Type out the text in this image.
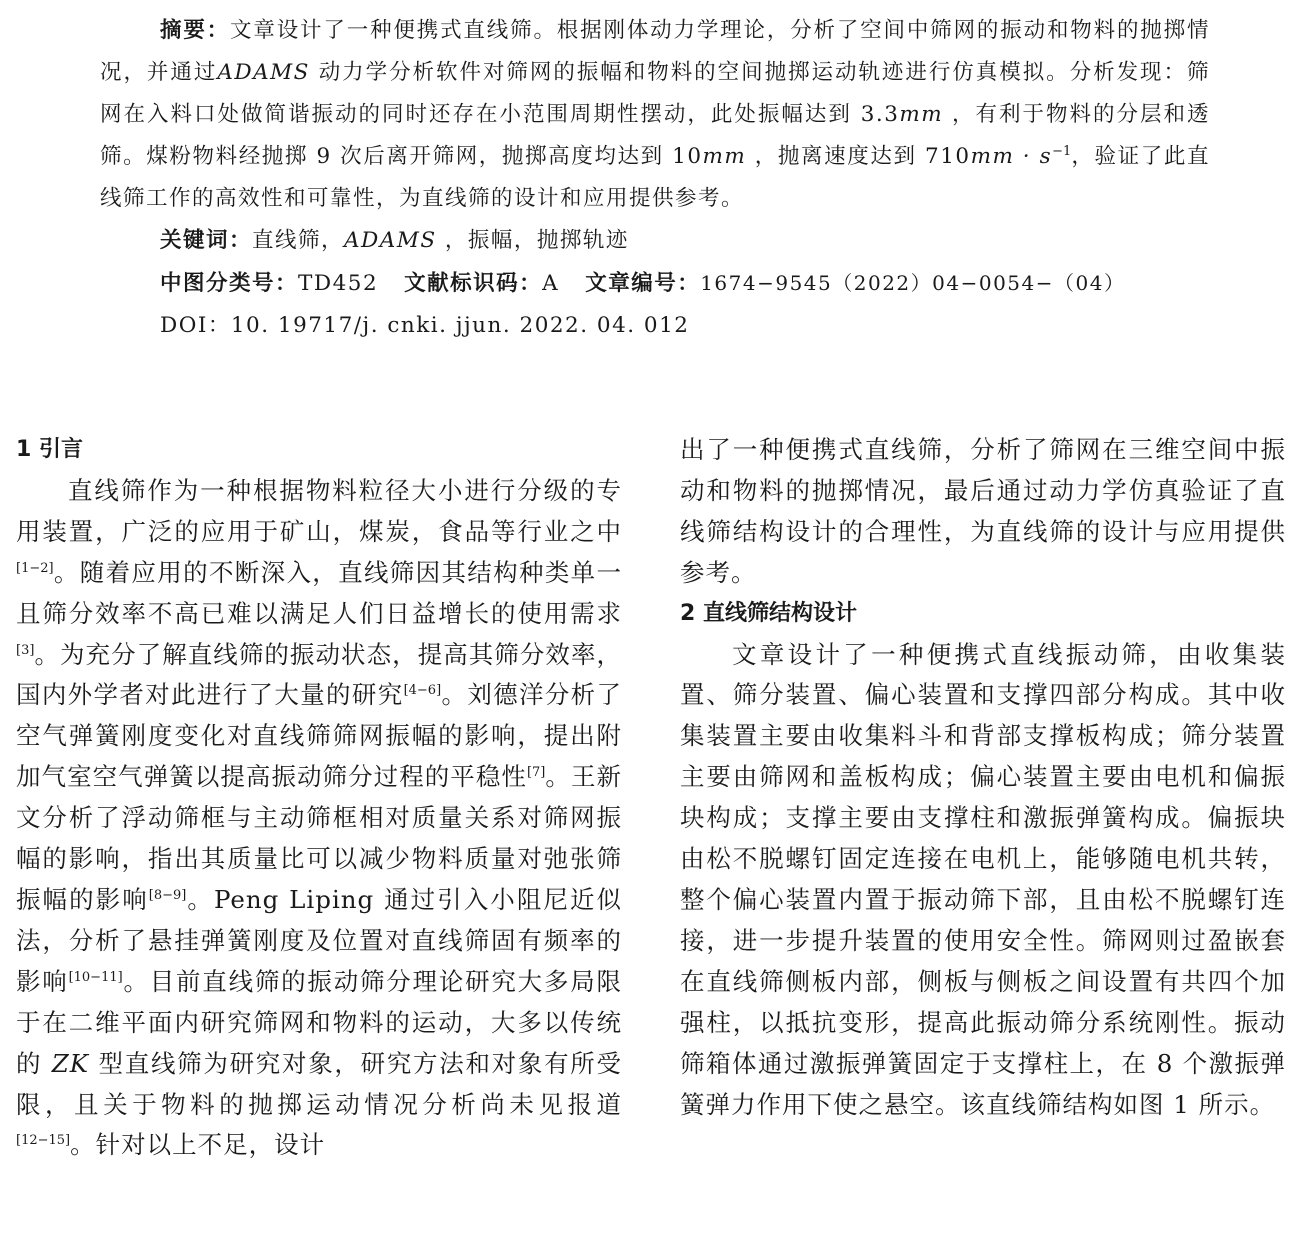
摘要：文章设计了一种便携式直线筛。根据刚体动力学理论，分析了空间中筛网的振动和物料的抛掷情况，并通过ADAMS 动力学分析软件对筛网的振幅和物料的空间抛掷运动轨迹进行仿真模拟。分析发现：筛网在入料口处做简谐振动的同时还存在小范围周期性摆动，此处振幅达到 3.3mm ，有利于物料的分层和透筛。煤粉物料经抛掷 9 次后离开筛网，抛掷高度均达到 10mm ，抛离速度达到 710mm · s$^{-1}$，验证了此直线筛工作的高效性和可靠性，为直线筛的设计和应用提供参考。

关键词：直线筛，ADAMS ，振幅，抛掷轨迹

中图分类号：TD452 文献标识码：A 文章编号：1674−9545（2022）04−0054−（04）

DOI：10. 19717/j. cnki. jjun. 2022. 04. 012

1 引言

直线筛作为一种根据物料粒径大小进行分级的专用装置，广泛的应用于矿山，煤炭，食品等行业之中[1−2]。随着应用的不断深入，直线筛因其结构种类单一且筛分效率不高已难以满足人们日益增长的使用需求[3]。为充分了解直线筛的振动状态，提高其筛分效率，国内外学者对此进行了大量的研究[4−6]。刘德洋分析了空气弹簧刚度变化对直线筛筛网振幅的影响，提出附加气室空气弹簧以提高振动筛分过程的平稳性[7]。王新文分析了浮动筛框与主动筛框相对质量关系对筛网振幅的影响，指出其质量比可以减少物料质量对弛张筛振幅的影响[8−9]。Peng Liping 通过引入小阻尼近似法，分析了悬挂弹簧刚度及位置对直线筛固有频率的影响[10−11]。目前直线筛的振动筛分理论研究大多局限于在二维平面内研究筛网和物料的运动，大多以传统的 ZK 型直线筛为研究对象，研究方法和对象有所受限，且关于物料的抛掷运动情况分析尚未见报道[12−15]。针对以上不足，设计

出了一种便携式直线筛，分析了筛网在三维空间中振动和物料的抛掷情况，最后通过动力学仿真验证了直线筛结构设计的合理性，为直线筛的设计与应用提供参考。

2 直线筛结构设计

文章设计了一种便携式直线振动筛，由收集装置、筛分装置、偏心装置和支撑四部分构成。其中收集装置主要由收集料斗和背部支撑板构成；筛分装置主要由筛网和盖板构成；偏心装置主要由电机和偏振块构成；支撑主要由支撑柱和激振弹簧构成。偏振块由松不脱螺钉固定连接在电机上，能够随电机共转，整个偏心装置内置于振动筛下部，且由松不脱螺钉连接，进一步提升装置的使用安全性。筛网则过盈嵌套在直线筛侧板内部，侧板与侧板之间设置有共四个加强柱，以抵抗变形，提高此振动筛分系统刚性。振动筛箱体通过激振弹簧固定于支撑柱上，在 8 个激振弹簧弹力作用下使之悬空。该直线筛结构如图 1 所示。
